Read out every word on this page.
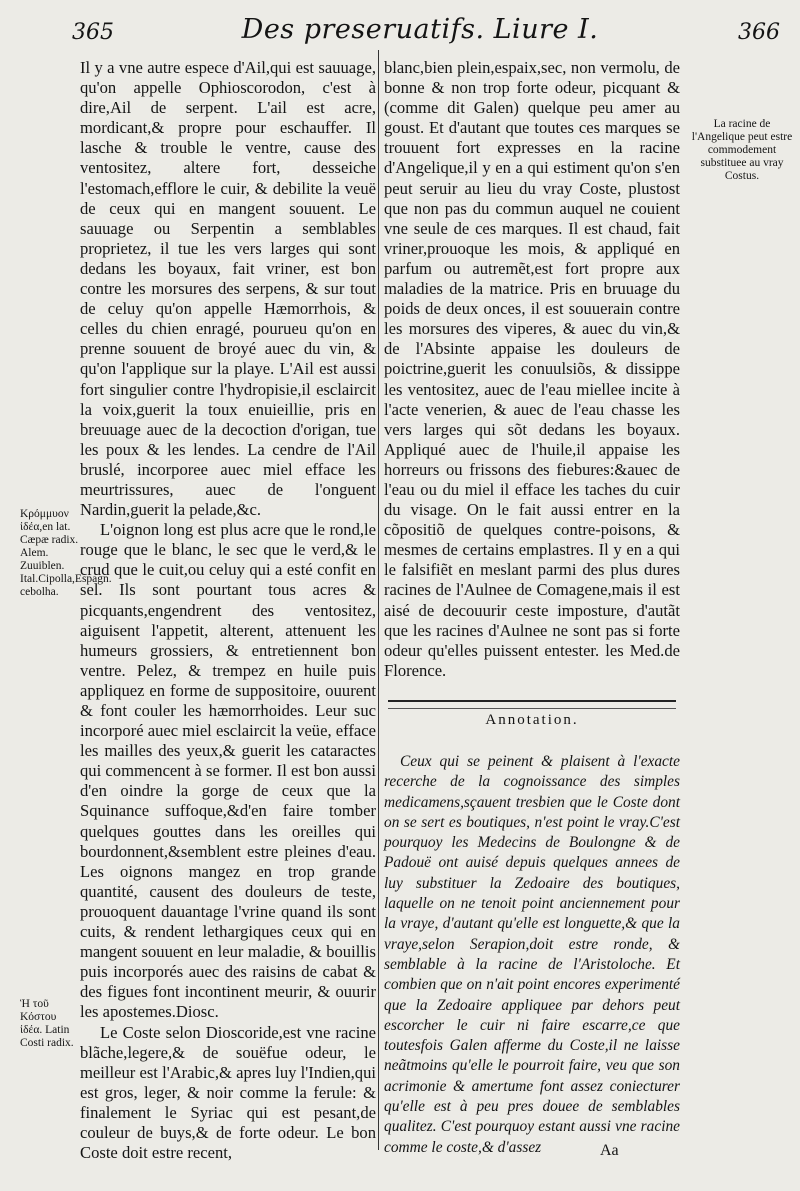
365	Des preseruatifs. Liure I.	366

Il y a vne autre espece d'Ail,qui est sauuage, qu'on appelle Ophioscorodon, c'est à dire,Ail de serpent. L'ail est acre, mordicant,& propre pour eschauffer. Il lasche & trouble le ventre, cause des ventositez, altere fort, desseiche l'estomach,efflore le cuir, & debilite la veuë de ceux qui en mangent souuent. Le sauuage ou Serpentin a semblables proprietez, il tue les vers larges qui sont dedans les boyaux, fait vriner, est bon contre les morsures des serpens, & sur tout de celuy qu'on appelle Hæmorrhois, & celles du chien enragé, pourueu qu'on en prenne souuent de broyé auec du vin, & qu'on l'applique sur la playe. L'Ail est aussi fort singulier contre l'hydropisie,il esclaircit la voix,guerit la toux enuieillie, pris en breuuage auec de la decoction d'origan, tue les poux & les lendes. La cendre de l'Ail bruslé, incorporee auec miel efface les meurtrissures, auec de l'onguent Nardin,guerit la pelade,&c.

L'oignon long est plus acre que le rond,le rouge que le blanc, le sec que le verd,& le crud que le cuit,ou celuy qui a esté confit en sel. Ils sont pourtant tous acres & picquants,engendrent des ventositez, aiguisent l'appetit, alterent, attenuent les humeurs grossiers, & entretiennent bon ventre. Pelez, & trempez en huile puis appliquez en forme de suppositoire, ouurent & font couler les hæmorrhoides. Leur suc incorporé auec miel esclaircit la veüe, efface les mailles des yeux,& guerit les cataractes qui commencent à se former. Il est bon aussi d'en oindre la gorge de ceux que la Squinance suffoque,&d'en faire tomber quelques gouttes dans les oreilles qui bourdonnent,&semblent estre pleines d'eau. Les oignons mangez en trop grande quantité, causent des douleurs de teste, prouoquent dauantage l'vrine quand ils sont cuits, & rendent lethargiques ceux qui en mangent souuent en leur maladie, & bouillis puis incorporés auec des raisins de cabat & des figues font incontinent meurir, & ouurir les apostemes.Diosc.

Le Coste selon Dioscoride,est vne racine blãche,legere,& de souëfue odeur, le meilleur est l'Arabic,& apres luy l'Indien,qui est gros, leger, & noir comme la ferule: & finalement le Syriac qui est pesant,de couleur de buys,& de forte odeur. Le bon Coste doit estre recent,

blanc,bien plein,espaix,sec, non vermolu, de bonne & non trop forte odeur, picquant & (comme dit Galen) quelque peu amer au goust. Et d'autant que toutes ces marques se trouuent fort expresses en la racine d'Angelique,il y en a qui estiment qu'on s'en peut seruir au lieu du vray Coste, plustost que non pas du commun auquel ne couient vne seule de ces marques. Il est chaud, fait vriner,prouoque les mois, & appliqué en parfum ou autremẽt,est fort propre aux maladies de la matrice. Pris en bruuage du poids de deux onces, il est souuerain contre les morsures des viperes, & auec du vin,& de l'Absinte appaise les douleurs de poictrine,guerit les conuulsiõs, & dissippe les ventositez, auec de l'eau miellee incite à l'acte venerien, & auec de l'eau chasse les vers larges qui sõt dedans les boyaux. Appliqué auec de l'huile,il appaise les horreurs ou frissons des fiebures:&auec de l'eau ou du miel il efface les taches du cuir du visage. On le fait aussi entrer en la cõpositiõ de quelques contre-poisons, & mesmes de certains emplastres. Il y en a qui le falsifiẽt en meslant parmi des plus dures racines de l'Aulnee de Comagene,mais il est aisé de decouurir ceste imposture, d'autãt que les racines d'Aulnee ne sont pas si forte odeur qu'elles puissent entester. les Med.de Florence.

Annotation.

Ceux qui se peinent & plaisent à l'exacte recerche de la cognoissance des simples medicamens,sçauent tresbien que le Coste dont on se sert es boutiques, n'est point le vray.C'est pourquoy les Medecins de Boulongne & de Padouë ont auisé depuis quelques annees de luy substituer la Zedoaire des boutiques, laquelle on ne tenoit point anciennement pour la vraye, d'autant qu'elle est longuette,& que la vraye,selon Serapion,doit estre ronde, & semblable à la racine de l'Aristoloche. Et combien que on n'ait point encores experimenté que la Zedoaire appliquee par dehors peut escorcher le cuir ni faire escarre,ce que toutesfois Galen afferme du Coste,il ne laisse neãtmoins qu'elle le pourroit faire, veu que son acrimonie & amertume font assez coniecturer qu'elle est à peu pres douee de semblables qualitez. C'est pourquoy estant aussi vne racine comme le coste,& d'assez

La racine de l'Angelique peut estre commodement substituee au vray Costus.
Κρόμμυον ἰδέα,en lat. Cæpæ radix. Alem. Zuuiblen. Ital.Cipolla,Espagn. cebolha.
Ἡ τοῦ Κόστου ἰδέα. Latin Costi radix.
Aa
